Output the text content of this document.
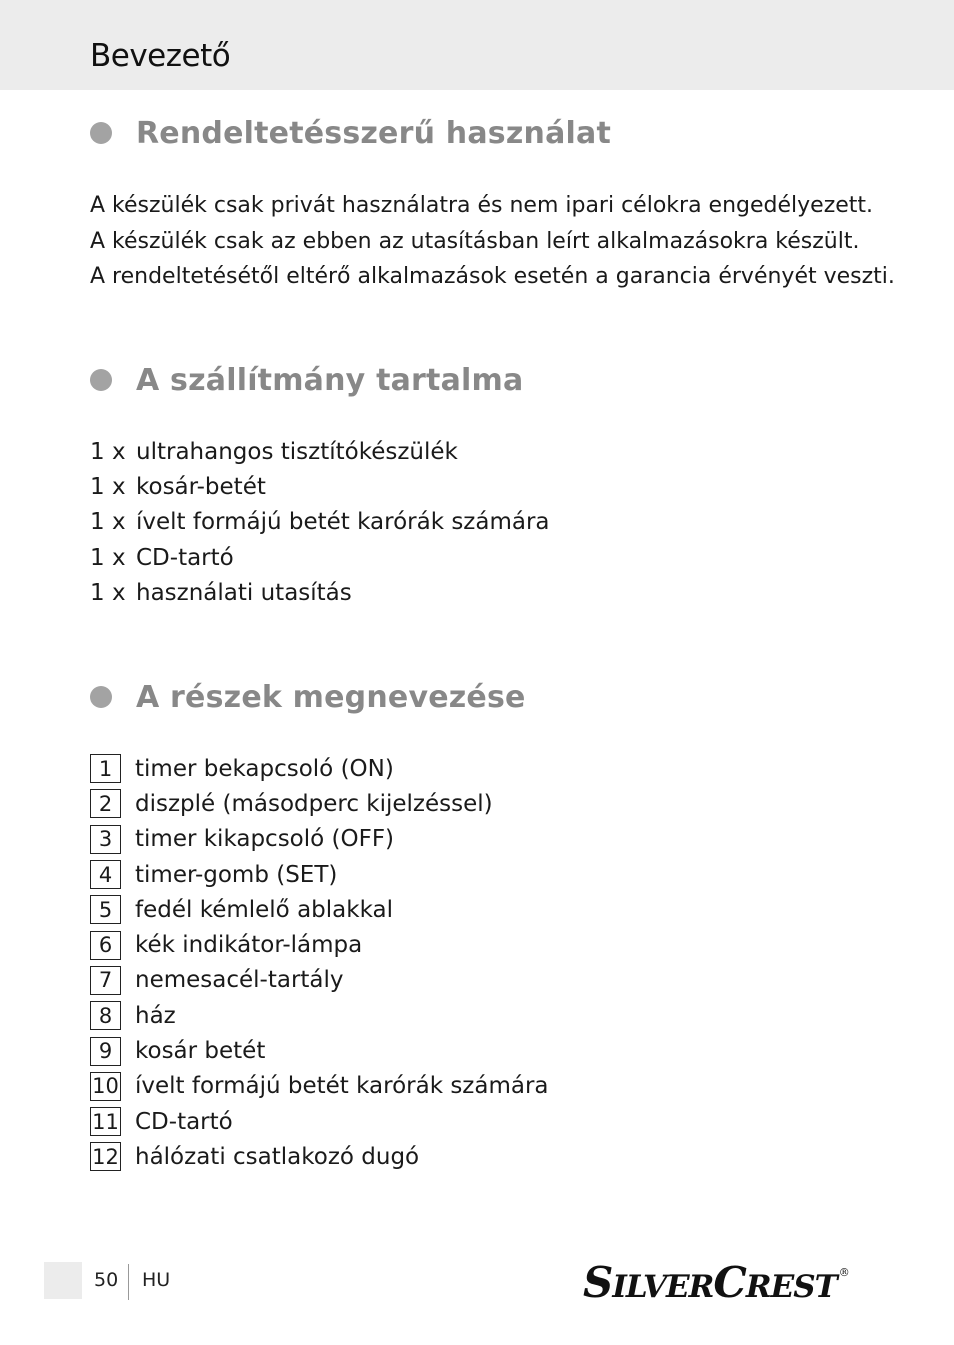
Bevezető
Rendeltetésszerű használat
A készülék csak privát használatra és nem ipari célokra engedélyezett.
A készülék csak az ebben az utasításban leírt alkalmazásokra készült.
A rendeltetésétől eltérő alkalmazások esetén a garancia érvényét veszti.
A szállítmány tartalma
1 x ultrahangos tisztítókészülék
1 x kosár-betét
1 x ívelt formájú betét karórák számára
1 x CD-tartó
1 x használati utasítás
A részek megnevezése
1 timer bekapcsoló (ON)
2 diszplé (másodperc kijelzéssel)
3 timer kikapcsoló (OFF)
4 timer-gomb (SET)
5 fedél kémlelő ablakkal
6 kék indikátor-lámpa
7 nemesacél-tartály
8 ház
9 kosár betét
10 ívelt formájú betét karórák számára
11 CD-tartó
12 hálózati csatlakozó dugó
50 HU	SILVERCREST ®
